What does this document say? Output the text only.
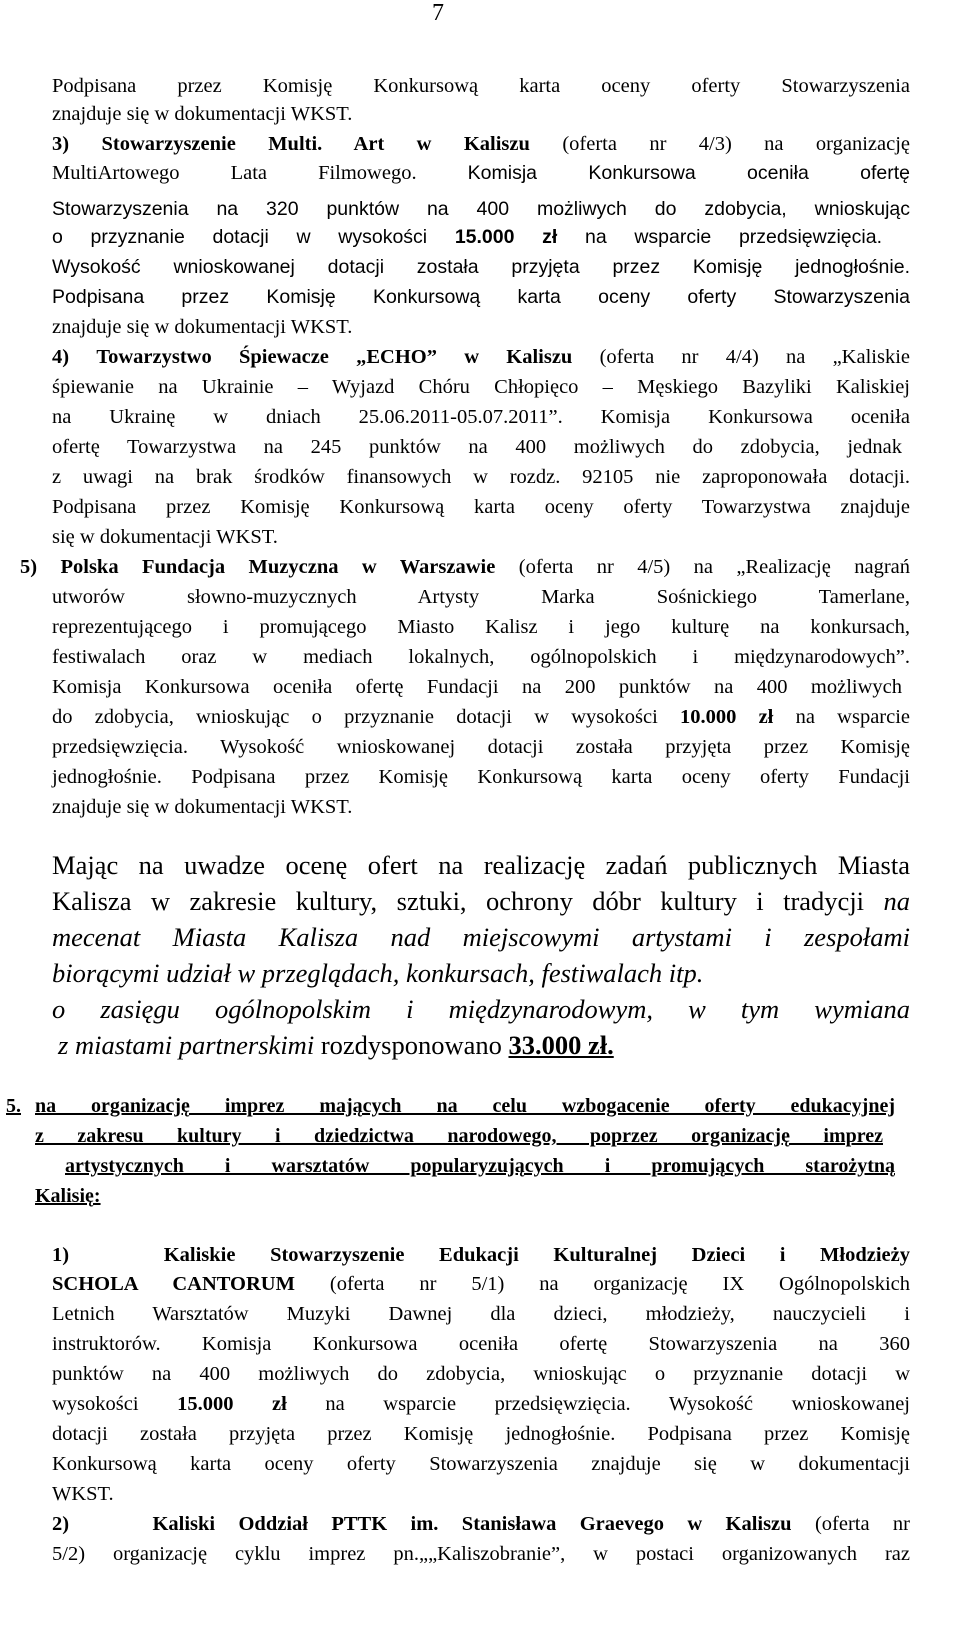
7
Podpisana przez Komisję Konkursową karta oceny oferty Stowarzyszenia
znajduje się w dokumentacji WKST.
3) Stowarzyszenie Multi. Art w Kaliszu (oferta nr 4/3) na organizację
MultiArtowego Lata Filmowego.	Komisja Konkursowa oceniła ofertę
Stowarzyszenia na 320 punktów na 400 możliwych do zdobycia, wnioskując
o przyznanie dotacji w wysokości 15.000 zł na wsparcie przedsięwzięcia.
Wysokość wnioskowanej dotacji została przyjęta przez Komisję jednogłośnie.
Podpisana przez Komisję Konkursową karta oceny oferty Stowarzyszenia
znajduje się w dokumentacji WKST.
4) Towarzystwo Śpiewacze „ECHO” w Kaliszu (oferta nr 4/4) na „Kaliskie
śpiewanie na Ukrainie – Wyjazd Chóru Chłopięco – Męskiego Bazyliki Kaliskiej
na Ukrainę w dniach 25.06.2011-05.07.2011”. Komisja Konkursowa oceniła
ofertę Towarzystwa na 245 punktów na 400 możliwych do zdobycia, jednak
z uwagi na brak środków finansowych w rozdz. 92105 nie zaproponowała dotacji.
Podpisana przez Komisję Konkursową karta oceny oferty Towarzystwa znajduje
się w dokumentacji WKST.
5) Polska Fundacja Muzyczna w Warszawie (oferta nr 4/5) na „Realizację nagrań
utworów słowno-muzycznych Artysty Marka Sośnickiego Tamerlane,
reprezentującego i promującego Miasto Kalisz i jego kulturę na konkursach,
festiwalach oraz w mediach lokalnych, ogólnopolskich i międzynarodowych”.
Komisja Konkursowa oceniła ofertę Fundacji na 200 punktów na 400 możliwych
do zdobycia, wnioskując o przyznanie dotacji w wysokości 10.000 zł na wsparcie
przedsięwzięcia. Wysokość wnioskowanej dotacji została przyjęta przez Komisję
jednogłośnie. Podpisana przez Komisję Konkursową karta oceny oferty Fundacji
znajduje się w dokumentacji WKST.
Mając na uwadze ocenę ofert na realizację zadań publicznych Miasta
Kalisza w zakresie kultury, sztuki, ochrony dóbr kultury i tradycji na
mecenat Miasta Kalisza nad miejscowymi artystami i zespołami
biorącymi udział w przeglądach, konkursach, festiwalach itp.
o zasięgu ogólnopolskim i międzynarodowym, w tym wymiana
z miastami partnerskimi rozdysponowano 33.000 zł.
5. na organizację imprez mających na celu wzbogacenie oferty edukacyjnej
z zakresu kultury i dziedzictwa narodowego, poprzez organizację imprez
artystycznych i warsztatów popularyzujących i promujących starożytną
Kalisię:
1)	Kaliskie Stowarzyszenie Edukacji Kulturalnej Dzieci i Młodzieży
SCHOLA CANTORUM (oferta nr 5/1) na organizację IX Ogólnopolskich
Letnich Warsztatów Muzyki Dawnej dla dzieci, młodzieży, nauczycieli i
instruktorów. Komisja Konkursowa oceniła ofertę Stowarzyszenia na 360
punktów na 400 możliwych do zdobycia, wnioskując o przyznanie dotacji w
wysokości 15.000 zł na wsparcie przedsięwzięcia. Wysokość wnioskowanej
dotacji została przyjęta przez Komisję jednogłośnie. Podpisana przez Komisję
Konkursową karta oceny oferty Stowarzyszenia znajduje się w dokumentacji
WKST.
2)	Kaliski Oddział PTTK im. Stanisława Graevego w Kaliszu (oferta nr
5/2) organizację cyklu imprez pn.„„Kaliszobranie”, w postaci organizowanych raz
